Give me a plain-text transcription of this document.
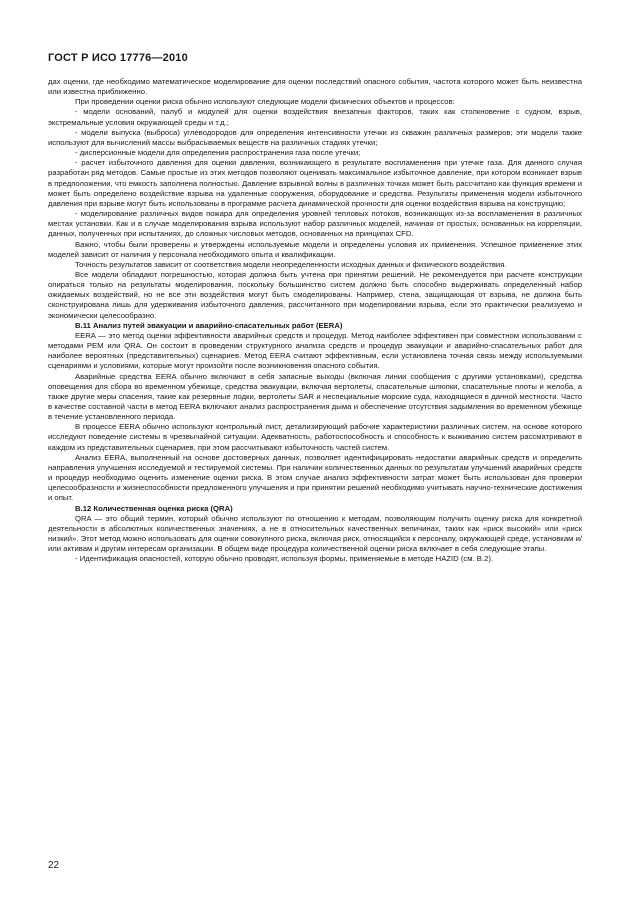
ГОСТ Р ИСО 17776—2010

дах оценки, где необходимо математическое моделирование для оценки последствий опасного события, частота которого может быть неизвестна или известна приближенно.

При проведении оценки риска обычно используют следующие модели физических объектов и процессов:

- модели оснований, палуб и модулей для оценки воздействия внезапных факторов, таких как столкновение с судном, взрыв, экстремальные условия окружающей среды и т.д.;

- модели выпуска (выброса) углеводородов для определения интенсивности утечки из скважин различных размеров; эти модели также используют для вычислений массы выбрасываемых веществ на различных стадиях утечки;

- дисперсионные модели для определения распространения газа после утечки;

- расчет избыточного давления для оценки давления, возникающего в результате воспламенения при утечке газа. Для данного случая разработан ряд методов. Самые простые из этих методов позволяют оценивать максимальное избыточное давление, при котором возникает взрыв в предположении, что емкость заполнена полностью. Давление взрывной волны в различных точках может быть рассчитано как функция времени и может быть определено воздействие взрыва на удаленные сооружения, оборудование и средства. Результаты применения модели избыточного давления при взрыве могут быть использованы в программе расчета динамической прочности для оценки воздействия взрыва на конструкцию;

- моделирование различных видов пожара для определения уровней тепловых потоков, возникающих из-за воспламенения в различных местах установки. Как и в случае моделирования взрыва используют набор различных моделей, начиная от простых, основанных на корреляции, данных, полученных при испытаниях, до сложных числовых методов, основанных на принципах CFD.

Важно, чтобы были проверены и утверждены используемые модели и определены условия их применения. Успешное применение этих моделей зависит от наличия у персонала необходимого опыта и квалификации.

Точность результатов зависит от соответствия модели неопределенности исходных данных и физического воздействия.

Все модели обладают погрешностью, которая должна быть учтена при принятии решений. Не рекомендуется при расчете конструкции опираться только на результаты моделирования, поскольку большинство систем должно быть способно выдерживать определенный набор ожидаемых воздействий, но не все эти воздействия могут быть смоделированы. Например, стена, защищающая от взрыва, не должна быть сконструирована лишь для удерживания избыточного давления, рассчитанного при моделировании взрыва, если это практически реализуемо и экономически целесообразно.

В.11 Анализ путей эвакуации и аварийно-спасательных работ (EERA)

EERA — это метод оценки эффективности аварийных средств и процедур. Метод наиболее эффективен при совместном использовании с методами PEM или QRA. Он состоит в проведении структурного анализа средств и процедур эвакуации и аварийно-спасательных работ для наиболее вероятных (представительных) сценариев. Метод EERA считают эффективным, если установлена точная связь между используемыми сценариями и условиями, которые могут произойти после возникновения опасного события.

Аварийные средства EERA обычно включают в себя запасные выходы (включая линии сообщения с другими установками), средства оповещения для сбора во временном убежище, средства эвакуации, включая вертолеты, спасательные шлюпки, спасательные плоты и желоба, а также другие меры спасения, такие как резервные лодки, вертолеты SAR и неспециальные морские суда, находящиеся в данной местности. Часто в качестве составной части в метод EERA включают анализ распространения дыма и обеспечение отсутствия задымления во временном убежище в течение установленного периода.

В процессе EERA обычно используют контрольный лист, детализирующий рабочие характеристики различных систем, на основе которого исследуют поведение системы в чрезвычайной ситуации. Адекватность, работоспособность и способность к выживанию систем рассматривают в каждом из представительных сценариев, при этом рассчитывают избыточность частей систем.

Анализ EERA, выполненный на основе достоверных данных, позволяет идентифицировать недостатки аварийных средств и определить направления улучшения исследуемой и тестируемой системы. При наличии количественных данных по результатам улучшений аварийных средств и процедур необходимо оценить изменение оценки риска. В этом случае анализ эффективности затрат может быть использован для проверки целесообразности и жизнеспособности предложенного улучшения и при принятии решений необходимо учитывать научно-технические достижения и опыт.

В.12 Количественная оценка риска (QRA)

QRA — это общий термин, который обычно используют по отношению к методам, позволяющим получить оценку риска для конкретной деятельности в абсолютных количественных значениях, а не в относительных качественных величинах, таких как «риск высокий» или «риск низкий». Этот метод можно использовать для оценки совокупного риска, включая риск, относящийся к персоналу, окружающей среде, установкам и/или активам и другим интересам организации. В общем виде процедура количественной оценки риска включает в себя следующие этапы.

- Идентификация опасностей, которую обычно проводят, используя формы, применяемые в методе HAZID (см. В.2).

22
